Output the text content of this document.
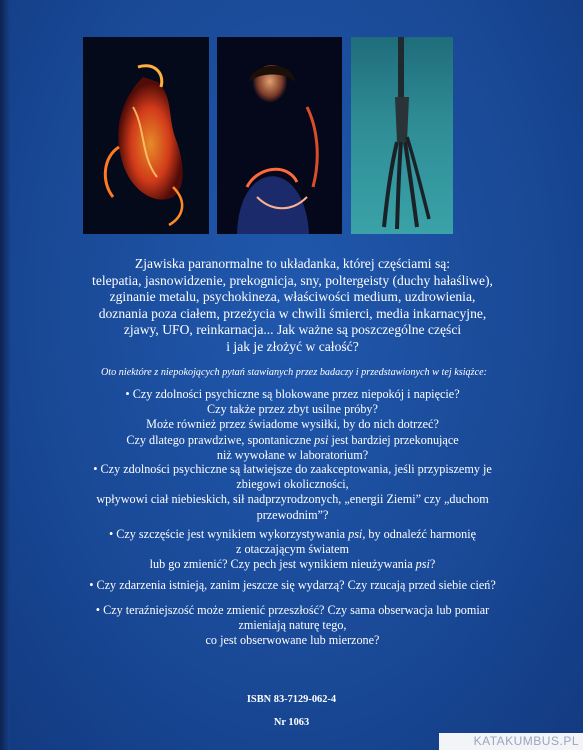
Zjawiska paranormalne to układanka, której częściami są:
telepatia, jasnowidzenie, prekognicja, sny, poltergeisty (duchy hałaśliwe),
zginanie metalu, psychokineza, właściwości medium, uzdrowienia,
doznania poza ciałem, przeżycia w chwili śmierci, media inkarnacyjne,
zjawy, UFO, reinkarnacja... Jak ważne są poszczególne części
i jak je złożyć w całość?
Oto niektóre z niepokojących pytań stawianych przez badaczy i przedstawionych w tej książce:
• Czy zdolności psychiczne są blokowane przez niepokój i napięcie?
Czy także przez zbyt usilne próby?
Może również przez świadome wysiłki, by do nich dotrzeć?
Czy dlatego prawdziwe, spontaniczne psi jest bardziej przekonujące
niż wywołane w laboratorium?
• Czy zdolności psychiczne są łatwiejsze do zaakceptowania, jeśli przypiszemy je
zbiegowi okoliczności,
wpływowi ciał niebieskich, sił nadprzyrodzonych, „energii Ziemi” czy „duchom
przewodnim”?
• Czy szczęście jest wynikiem wykorzystywania psi, by odnaleźć harmonię
z otaczającym światem
lub go zmienić? Czy pech jest wynikiem nieużywania psi?
• Czy zdarzenia istnieją, zanim jeszcze się wydarzą? Czy rzucają przed siebie cień?
• Czy teraźniejszość może zmienić przeszłość? Czy sama obserwacja lub pomiar
zmieniają naturę tego,
co jest obserwowane lub mierzone?
ISBN 83-7129-062-4
Nr 1063
KATAKUMBUS.PL
